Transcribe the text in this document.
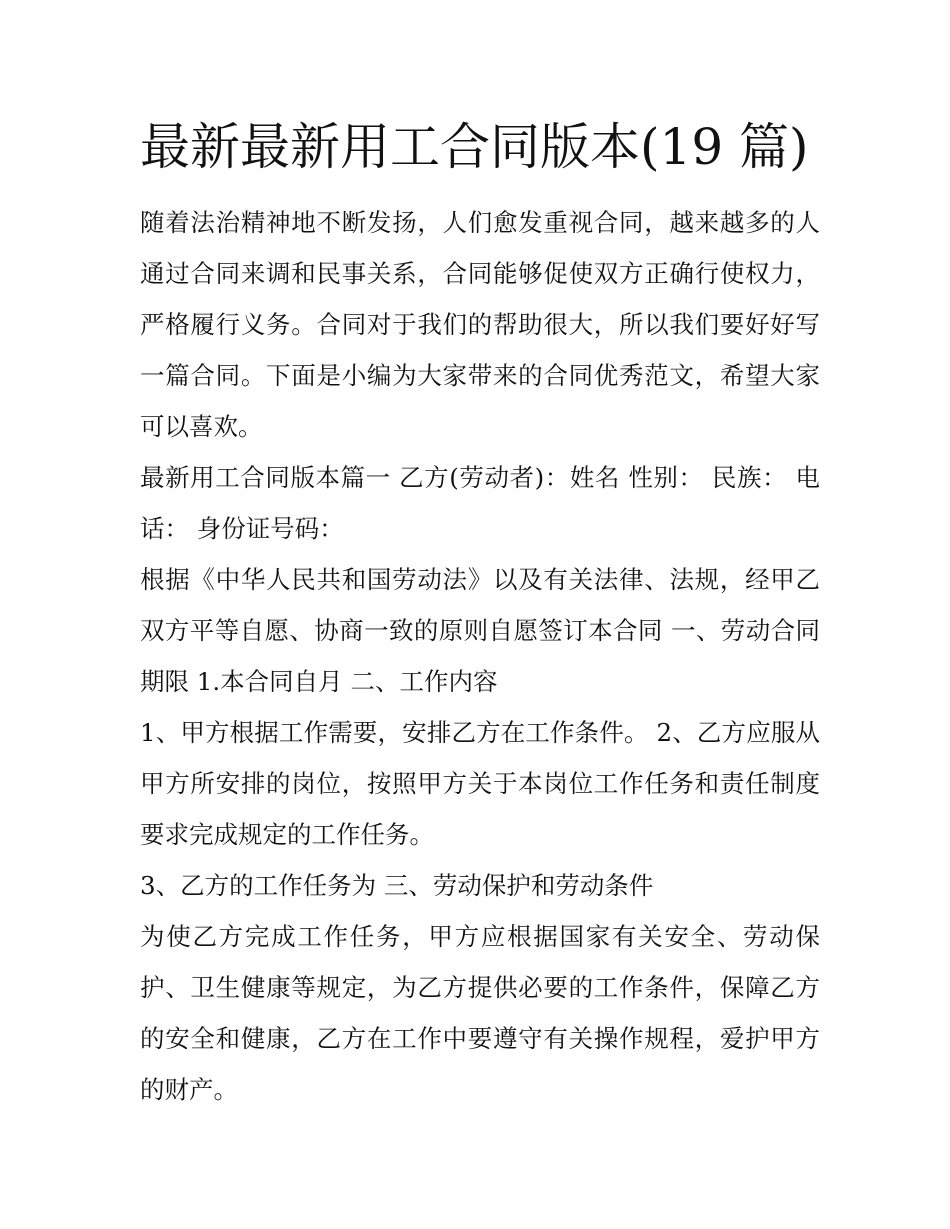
最新最新用工合同版本(19 篇)

随着法治精神地不断发扬，人们愈发重视合同，越来越多的人通过合同来调和民事关系，合同能够促使双方正确行使权力，严格履行义务。合同对于我们的帮助很大，所以我们要好好写一篇合同。下面是小编为大家带来的合同优秀范文，希望大家可以喜欢。

最新用工合同版本篇一 乙方(劳动者)：姓名 性别： 民族： 电话： 身份证号码：

根据《中华人民共和国劳动法》以及有关法律、法规，经甲乙双方平等自愿、协商一致的原则自愿签订本合同 一、劳动合同期限 1.本合同自月 二、工作内容

1、甲方根据工作需要，安排乙方在工作条件。 2、乙方应服从甲方所安排的岗位，按照甲方关于本岗位工作任务和责任制度要求完成规定的工作任务。

3、乙方的工作任务为 三、劳动保护和劳动条件

为使乙方完成工作任务，甲方应根据国家有关安全、劳动保护、卫生健康等规定，为乙方提供必要的工作条件，保障乙方的安全和健康，乙方在工作中要遵守有关操作规程，爱护甲方的财产。
